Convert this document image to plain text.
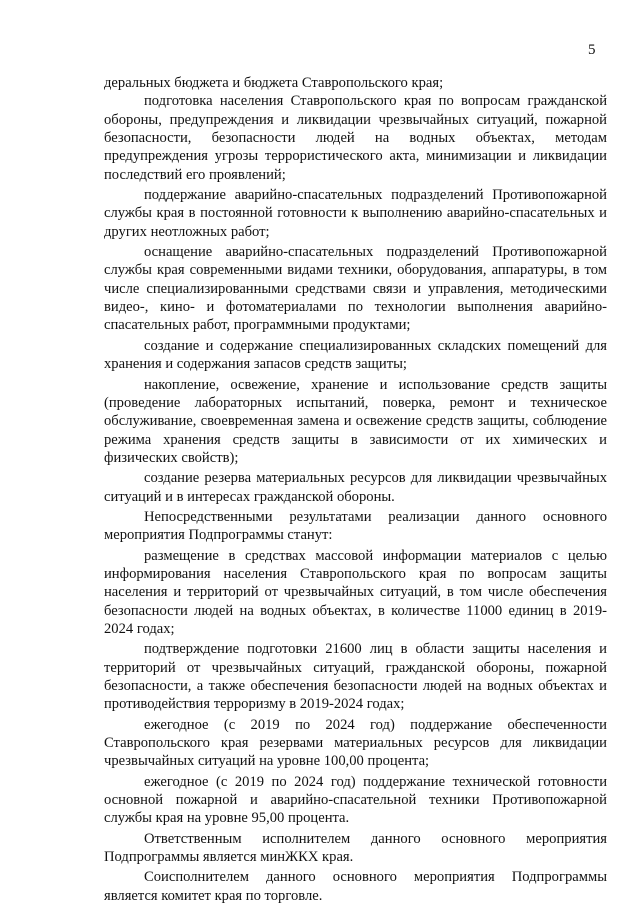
5

деральных бюджета и бюджета Ставропольского края;

подготовка населения Ставропольского края по вопросам гражданской обороны, предупреждения и ликвидации чрезвычайных ситуаций, пожарной безопасности, безопасности людей на водных объектах, методам предупреждения угрозы террористического акта, минимизации и ликвидации последствий его проявлений;

поддержание аварийно-спасательных подразделений Противопожарной службы края в постоянной готовности к выполнению аварийно-спасательных и других неотложных работ;

оснащение аварийно-спасательных подразделений Противопожарной службы края современными видами техники, оборудования, аппаратуры, в том числе специализированными средствами связи и управления, методическими видео-, кино- и фотоматериалами по технологии выполнения аварийно-спасательных работ, программными продуктами;

создание и содержание специализированных складских помещений для хранения и содержания запасов средств защиты;

накопление, освежение, хранение и использование средств защиты (проведение лабораторных испытаний, поверка, ремонт и техническое обслуживание, своевременная замена и освежение средств защиты, соблюдение режима хранения средств защиты в зависимости от их химических и физических свойств);

создание резерва материальных ресурсов для ликвидации чрезвычайных ситуаций и в интересах гражданской обороны.

Непосредственными результатами реализации данного основного мероприятия Подпрограммы станут:

размещение в средствах массовой информации материалов с целью информирования населения Ставропольского края по вопросам защиты населения и территорий от чрезвычайных ситуаций, в том числе обеспечения безопасности людей на водных объектах, в количестве 11000 единиц в 2019-2024 годах;

подтверждение подготовки 21600 лиц в области защиты населения и территорий от чрезвычайных ситуаций, гражданской обороны, пожарной безопасности, а также обеспечения безопасности людей на водных объектах и противодействия терроризму в 2019-2024 годах;

ежегодное (с 2019 по 2024 год) поддержание обеспеченности Ставропольского края резервами материальных ресурсов для ликвидации чрезвычайных ситуаций на уровне 100,00 процента;

ежегодное (с 2019 по 2024 год) поддержание технической готовности основной пожарной и аварийно-спасательной техники Противопожарной службы края на уровне 95,00 процента.

Ответственным исполнителем данного основного мероприятия Подпрограммы является минЖКХ края.

Соисполнителем данного основного мероприятия Подпрограммы является комитет края по торговле.
